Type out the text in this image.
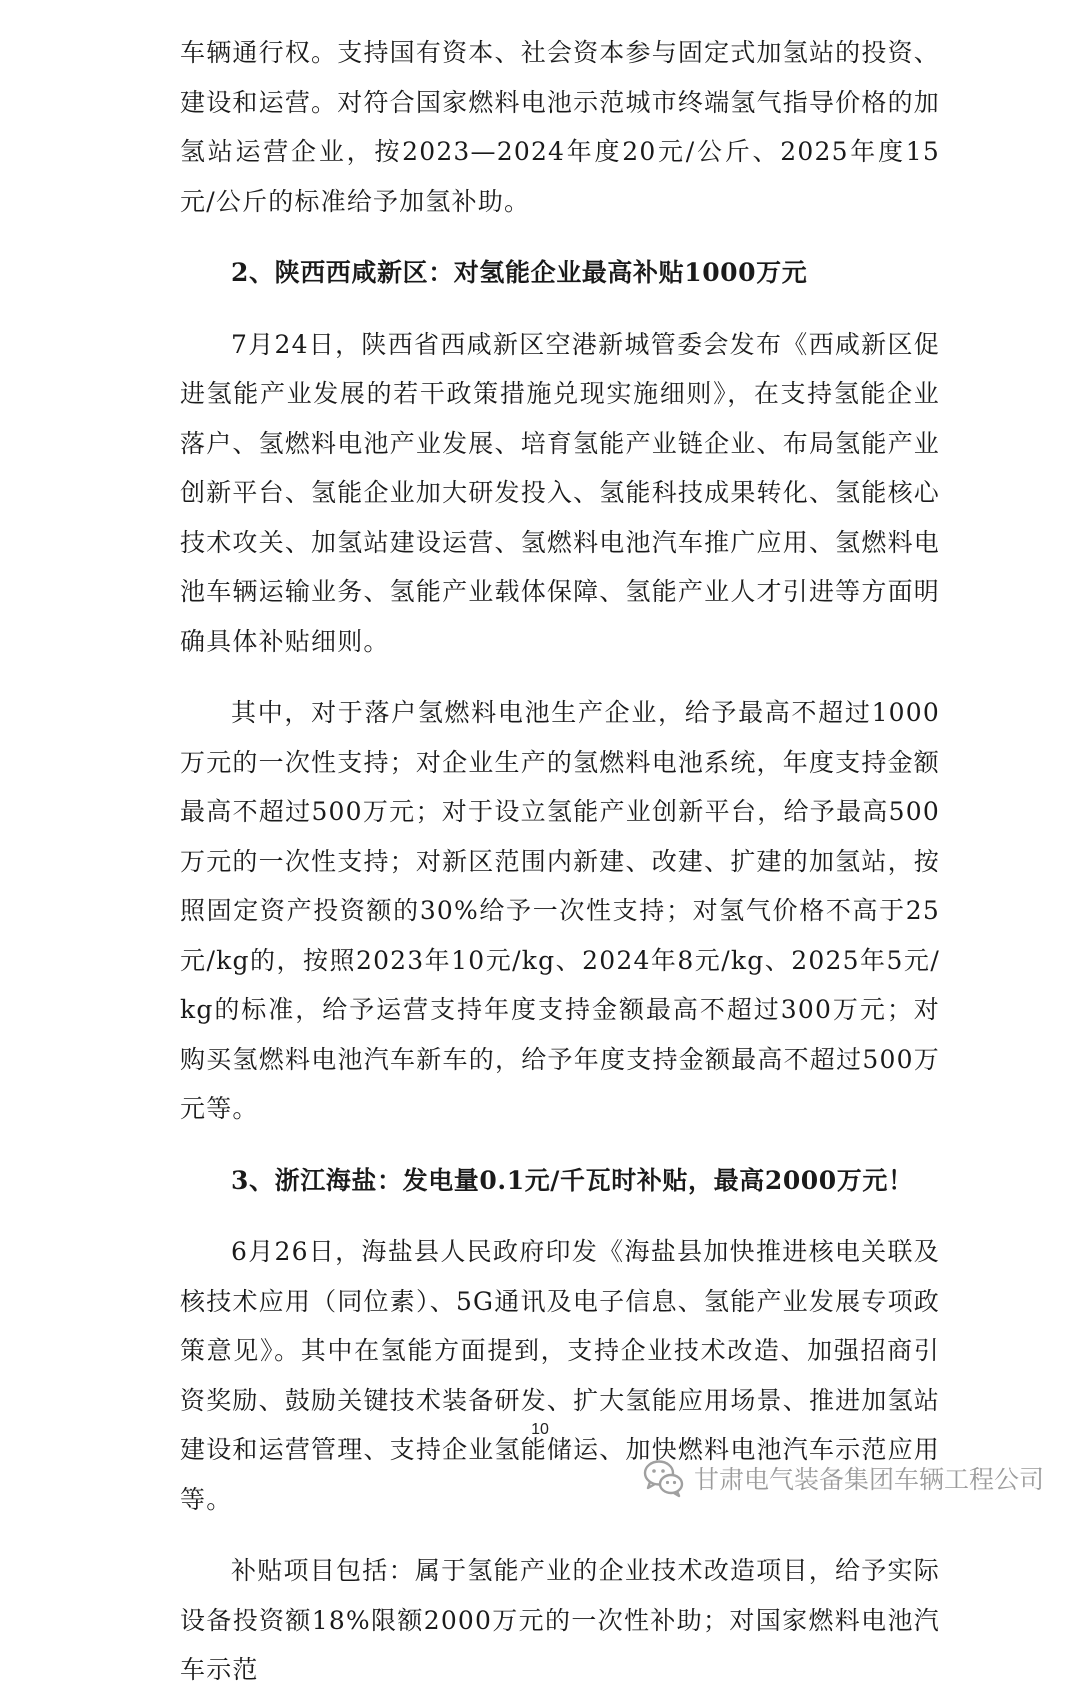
车辆通行权。支持国有资本、社会资本参与固定式加氢站的投资、建设和运营。对符合国家燃料电池示范城市终端氢气指导价格的加氢站运营企业，按2023—2024年度20元/公斤、2025年度15元/公斤的标准给予加氢补助。

2、陕西西咸新区：对氢能企业最高补贴1000万元

7月24日，陕西省西咸新区空港新城管委会发布《西咸新区促进氢能产业发展的若干政策措施兑现实施细则》，在支持氢能企业落户、氢燃料电池产业发展、培育氢能产业链企业、布局氢能产业创新平台、氢能企业加大研发投入、氢能科技成果转化、氢能核心技术攻关、加氢站建设运营、氢燃料电池汽车推广应用、氢燃料电池车辆运输业务、氢能产业载体保障、氢能产业人才引进等方面明确具体补贴细则。

其中，对于落户氢燃料电池生产企业，给予最高不超过1000万元的一次性支持；对企业生产的氢燃料电池系统，年度支持金额最高不超过500万元；对于设立氢能产业创新平台，给予最高500万元的一次性支持；对新区范围内新建、改建、扩建的加氢站，按照固定资产投资额的30%给予一次性支持；对氢气价格不高于25元/kg的，按照2023年10元/kg、2024年8元/kg、2025年5元/kg的标准，给予运营支持年度支持金额最高不超过300万元；对购买氢燃料电池汽车新车的，给予年度支持金额最高不超过500万元等。

3、浙江海盐：发电量0.1元/千瓦时补贴，最高2000万元！

6月26日，海盐县人民政府印发《海盐县加快推进核电关联及核技术应用（同位素）、5G通讯及电子信息、氢能产业发展专项政策意见》。其中在氢能方面提到，支持企业技术改造、加强招商引资奖励、鼓励关键技术装备研发、扩大氢能应用场景、推进加氢站建设和运营管理、支持企业氢能储运、加快燃料电池汽车示范应用等。

补贴项目包括：属于氢能产业的企业技术改造项目，给予实际设备投资额18%限额2000万元的一次性补助；对国家燃料电池汽车示范

10
甘肃电气装备集团车辆工程公司
